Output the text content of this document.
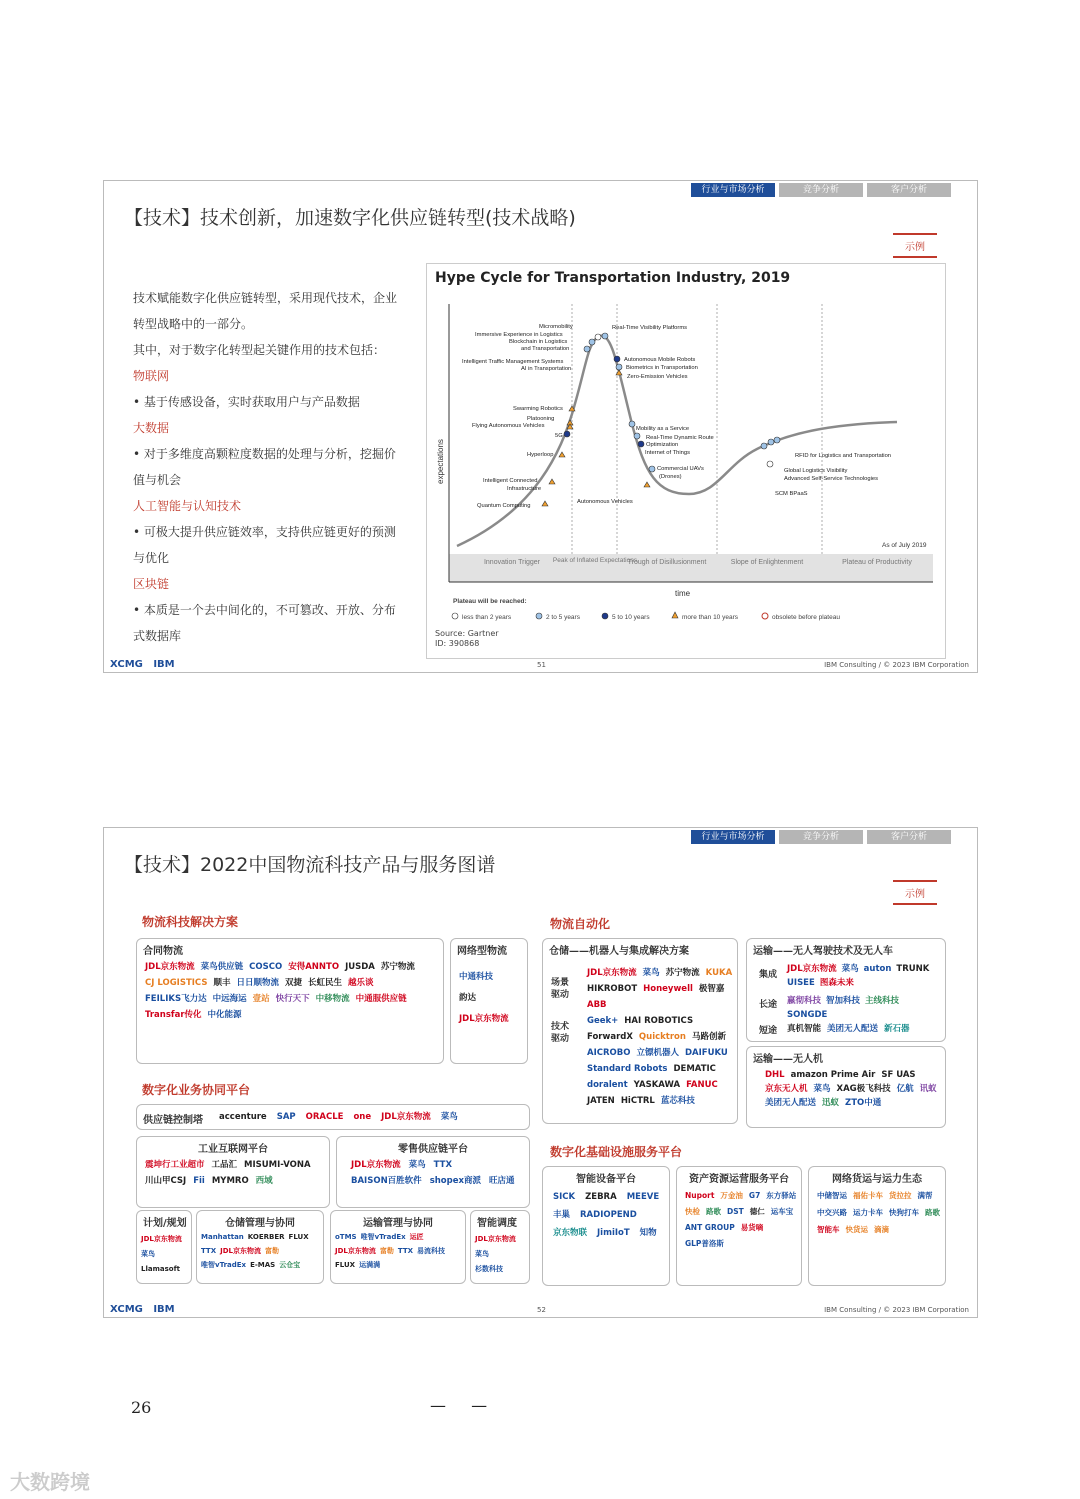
行业与市场分析	竞争分析	客户分析
【技术】技术创新，加速数字化供应链转型(技术战略)
示例
技术赋能数字化供应链转型，采用现代技术，企业转型战略中的一部分。
其中，对于数字化转型起关键作用的技术包括：
物联网
• 基于传感设备，实时获取用户与产品数据
大数据
• 对于多维度高颗粒度数据的处理与分析，挖掘价值与机会
人工智能与认知技术
• 可极大提升供应链效率，支持供应链更好的预测与优化
区块链
• 本质是一个去中间化的，不可篡改、开放、分布式数据库
Hype Cycle for Transportation Industry, 2019
expectations
time
Innovation Trigger Peak of Inflated Expectations
Trough of Disillusionment	Slope of Enlightenment	Plateau of Productivity
As of July 2019
Micromobility
Immersive Experience in Logistics
Blockchain in Logistics
and Transportation
Intelligent Traffic Management Systems
AI in Transportation
Real-Time Visibility Platforms
Autonomous Mobile Robots
Biometrics in Transportation
Zero-Emission Vehicles
Swarming Robotics
Platooning
Flying Autonomous Vehicles
5G
Hyperloop
Intelligent Connected
Infrastructure
Quantum Computing
Mobility as a Service
Real-Time Dynamic Route
Optimization
Internet of Things
Commercial UAVs
(Drones)
Autonomous Vehicles
RFID for Logistics and Transportation
Global Logistics Visibility
Advanced Self-Service Technologies
SCM BPaaS
Plateau will be reached:
less than 2 years	2 to 5 years	5 to 10 years	more than 10 years	obsolete before plateau
Source: Gartner
ID: 390868
XCMG IBM	51	IBM Consulting / © 2023 IBM Corporation
行业与市场分析	竞争分析	客户分析
【技术】2022中国物流科技产品与服务图谱
示例
物流科技解决方案	物流自动化
数字化业务协同平台
数字化基础设施服务平台
合同物流
JDL京东物流 菜鸟供应链 COSCO 安得ANNTO JUSDA 苏宁物流
CJ LOGISTICS 顺丰 日日顺物流 双捷 长虹民生 越乐谈
FEILIKS飞力达 中远海运 壹站 快行天下 中移物流 中通服供应链
Transfar传化 中化能源
网络型物流
中通科技
韵达
JDL京东物流
仓储——机器人与集成解决方案
场景驱动
JDL京东物流 菜鸟 苏宁物流 KUKA
HIKROBOT Honeywell 极智嘉
ABB
技术驱动
Geek+ HAI ROBOTICS
ForwardX Quicktron 马路创新
AICROBO 立镖机器人 DAIFUKU
Standard Robots DEMATIC
doralent YASKAWA FANUC
JATEN HiCTRL 蓝芯科技
运输——无人驾驶技术及无人车
集成
JDL京东物流 菜鸟 auton TRUNK
UISEE 图森未来
长途 嬴彻科技 智加科技 主线科技
SONGDE
短途 真机智能 美团无人配送 新石器
运输——无人机
DHL amazon Prime Air SF UAS
京东无人机 菜鸟 XAG极飞科技 亿航 讯蚁
美团无人配送 迅蚁 ZTO中通
供应链控制塔 accenture SAP ORACLE one JDL京东物流 菜鸟
工业互联网平台
震坤行工业超市 工品汇 MISUMI-VONA
川山甲CSJ Fii MYMRO 西域
零售供应链平台
JDL京东物流 菜鸟 TTX
BAISON百胜软件 shopex商派 旺店通
计划/规划
JDL京东物流
菜鸟
Llamasoft
仓储管理与协同
Manhattan KOERBER FLUX
TTX JDL京东物流 富勒
唯智vTradEx E-MAS 云仓宝
运输管理与协同
oTMS 唯智vTradEx 运匠
JDL京东物流 富勒 TTX 易流科技
FLUX 运满满
智能调度
JDL京东物流
菜鸟
杉数科技
智能设备平台
SICK ZEBRA MEEVE
丰巢 RADIOPEND
京东物联 JimiIoT 知物
资产资源运营服务平台
Nuport 万金油 G7 东方驿站
快检 路歌 DST 德仁 运车宝
ANT GROUP 易货嘀
GLP普洛斯
网络货运与运力生态
中储智运 福佑卡车 货拉拉 满帮
中交兴路 运力卡车 快狗打车 路歌
智能车 快货运 滴滴
XCMG IBM	52	IBM Consulting / © 2023 IBM Corporation
26	— —
大数跨境
